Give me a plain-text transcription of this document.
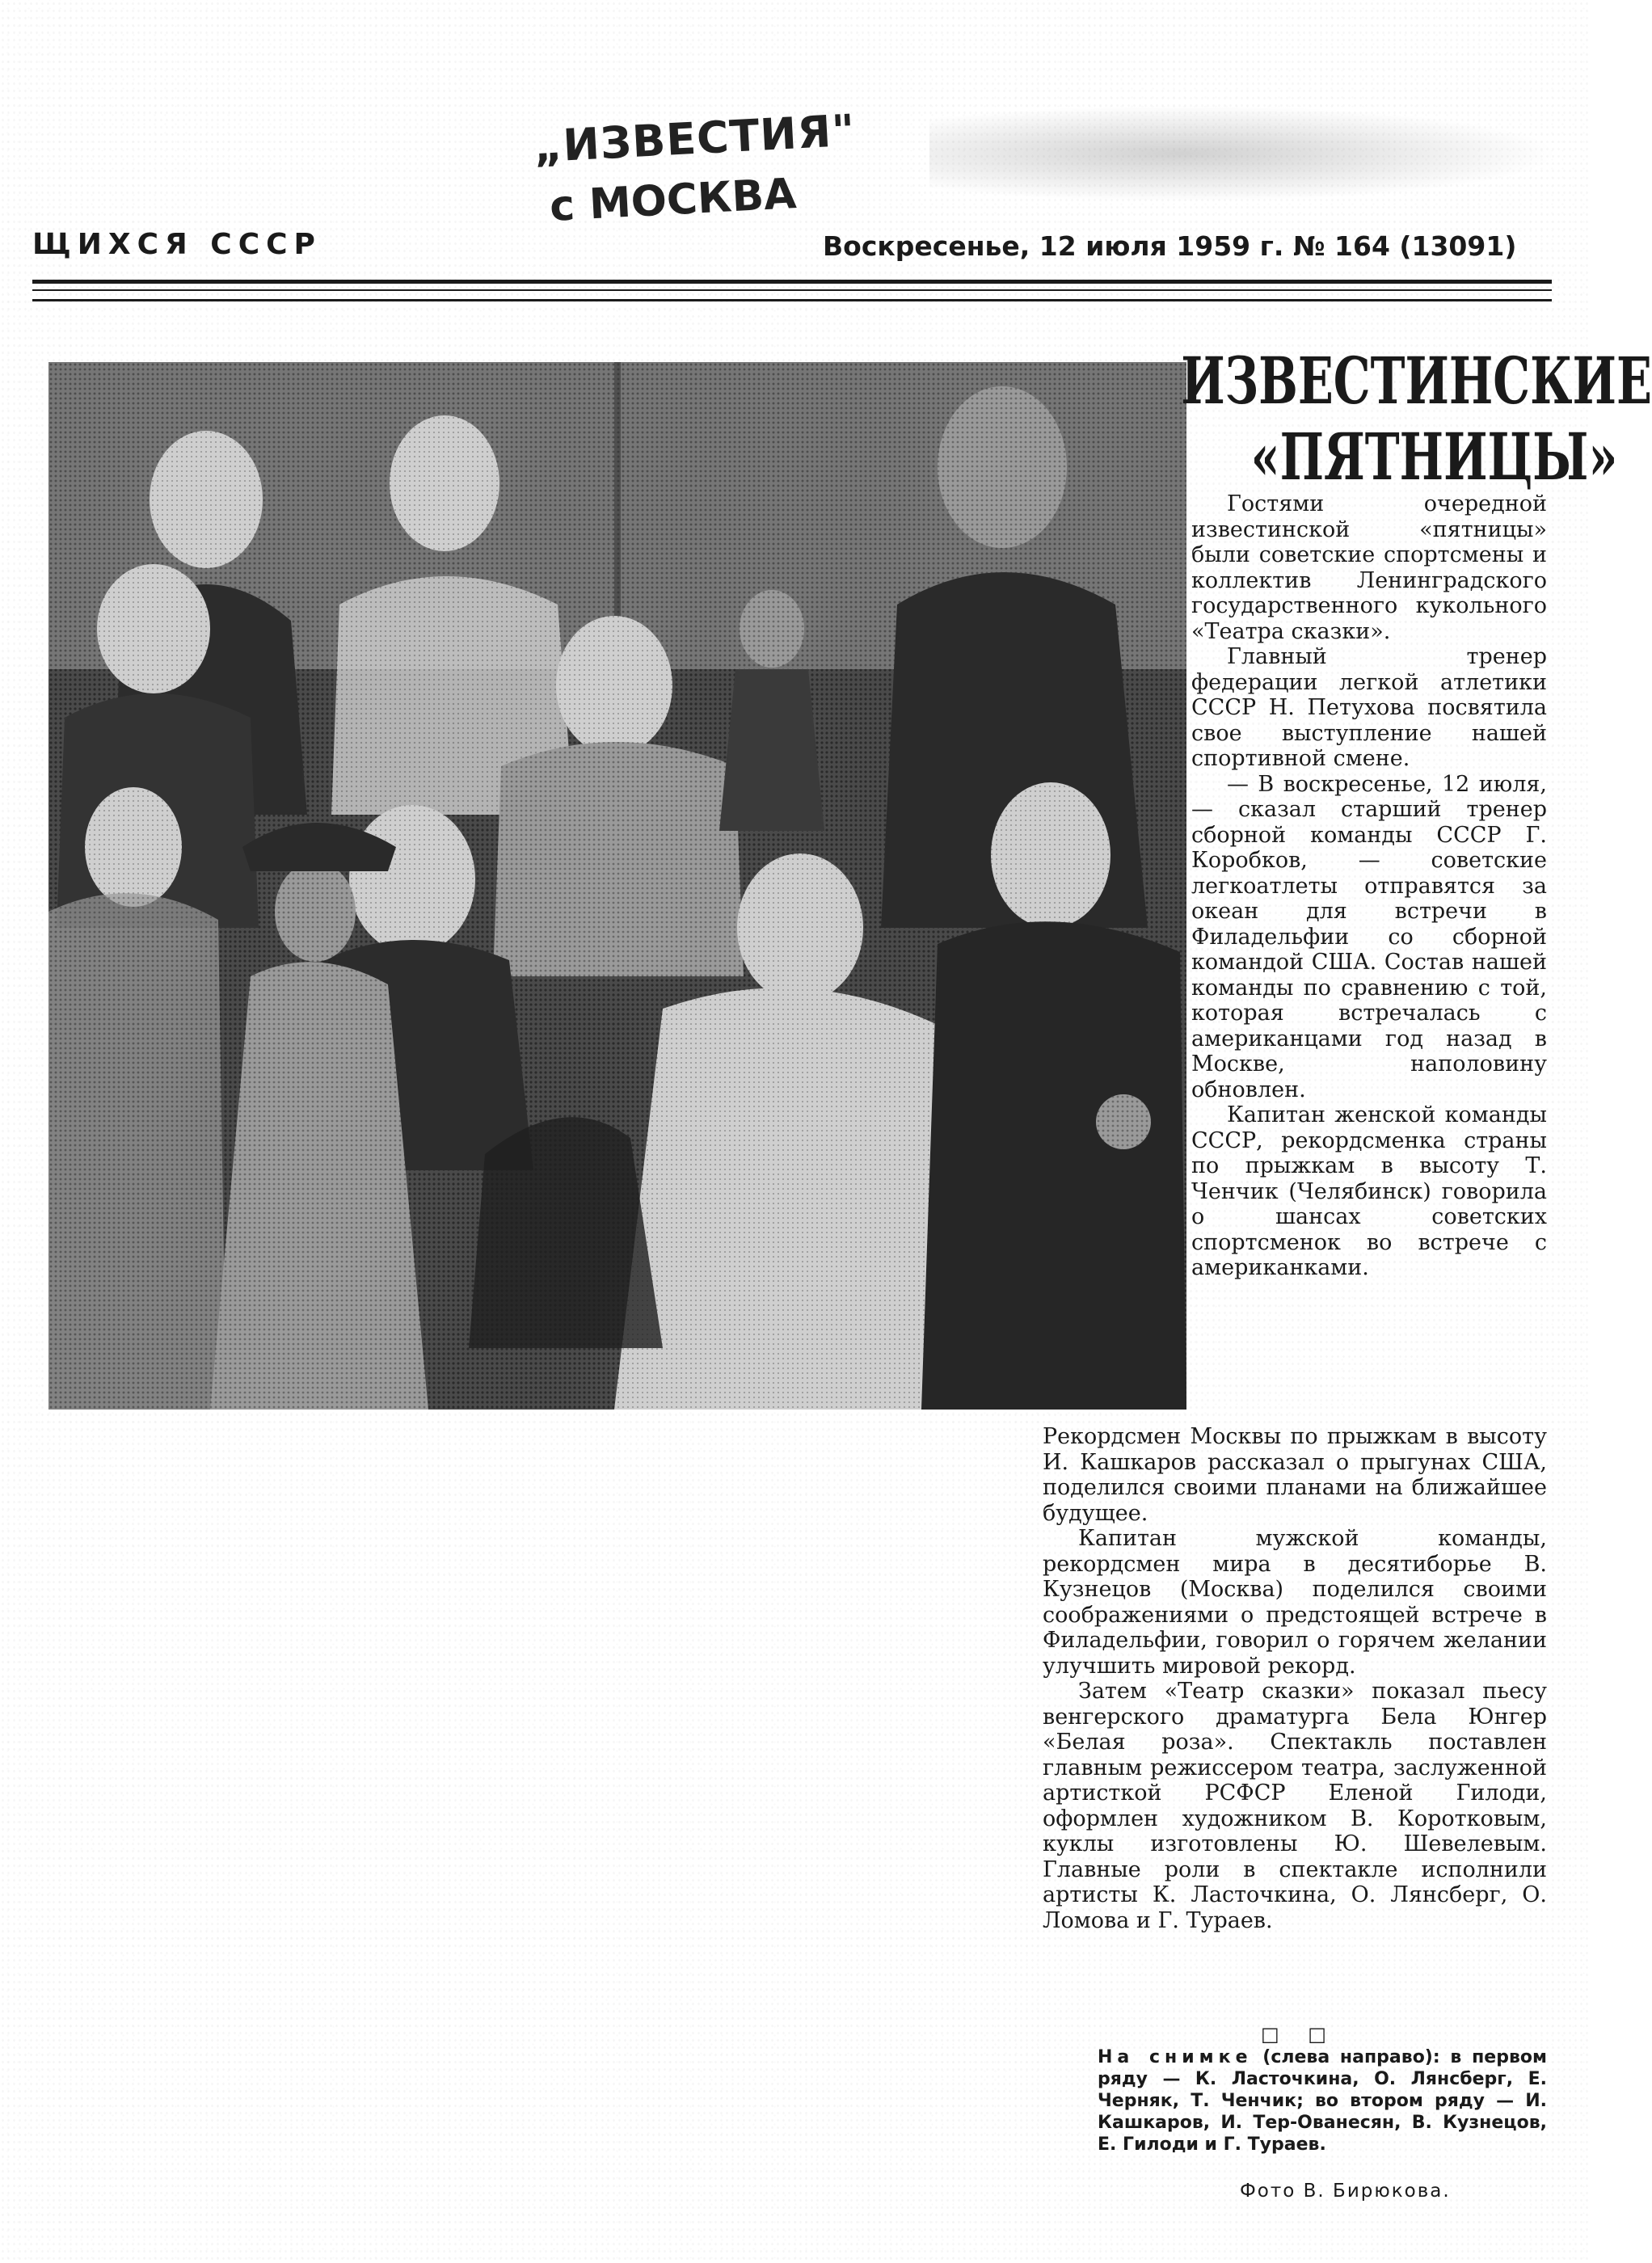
„ИЗВЕСТИЯ"
с МОСКВА
ЩИХСЯ СССР	Воскресенье, 12 июля 1959 г. № 164 (13091)
ИЗВЕСТИНСКИЕ
«ПЯТНИЦЫ»

Гостями очередной известинской «пятницы» были советские спортсмены и коллектив Ленинградского государственного кукольного «Театра сказки».

Главный тренер федерации легкой атлетики СССР Н. Петухова посвятила свое выступление нашей спортивной смене.

— В воскресенье, 12 июля, — сказал старший тренер сборной команды СССР Г. Коробков, — советские легкоатлеты отправятся за океан для встречи в Филадельфии со сборной командой США. Состав нашей команды по сравнению с той, которая встречалась с американцами год назад в Москве, наполовину обновлен.

Капитан женской команды СССР, рекордсменка страны по прыжкам в высоту Т. Ченчик (Челябинск) говорила о шансах советских спортсменок во встрече с американками.

Рекордсмен Москвы по прыжкам в высоту И. Кашкаров рассказал о прыгунах США, поделился своими планами на ближайшее будущее.

Капитан мужской команды, рекордсмен мира в десятиборье В. Кузнецов (Москва) поделился своими соображениями о предстоящей встрече в Филадельфии, говорил о горячем желании улучшить мировой рекорд.

Затем «Театр сказки» показал пьесу венгерского драматурга Бела Юнгер «Белая роза». Спектакль поставлен главным режиссером театра, заслуженной артисткой РСФСР Еленой Гилоди, оформлен художником В. Коротковым, куклы изготовлены Ю. Шевелевым. Главные роли в спектакле исполнили артисты К. Ласточкина, О. Лянсберг, О. Ломова и Г. Тураев.

□ □
На снимке (слева направо): в первом ряду — К. Ласточкина, О. Лянсберг, Е. Черняк, Т. Ченчик; во втором ряду — И. Кашкаров, И. Тер-Ованесян, В. Кузнецов, Е. Гилоди и Г. Тураев.
Фото В. Бирюкова.
